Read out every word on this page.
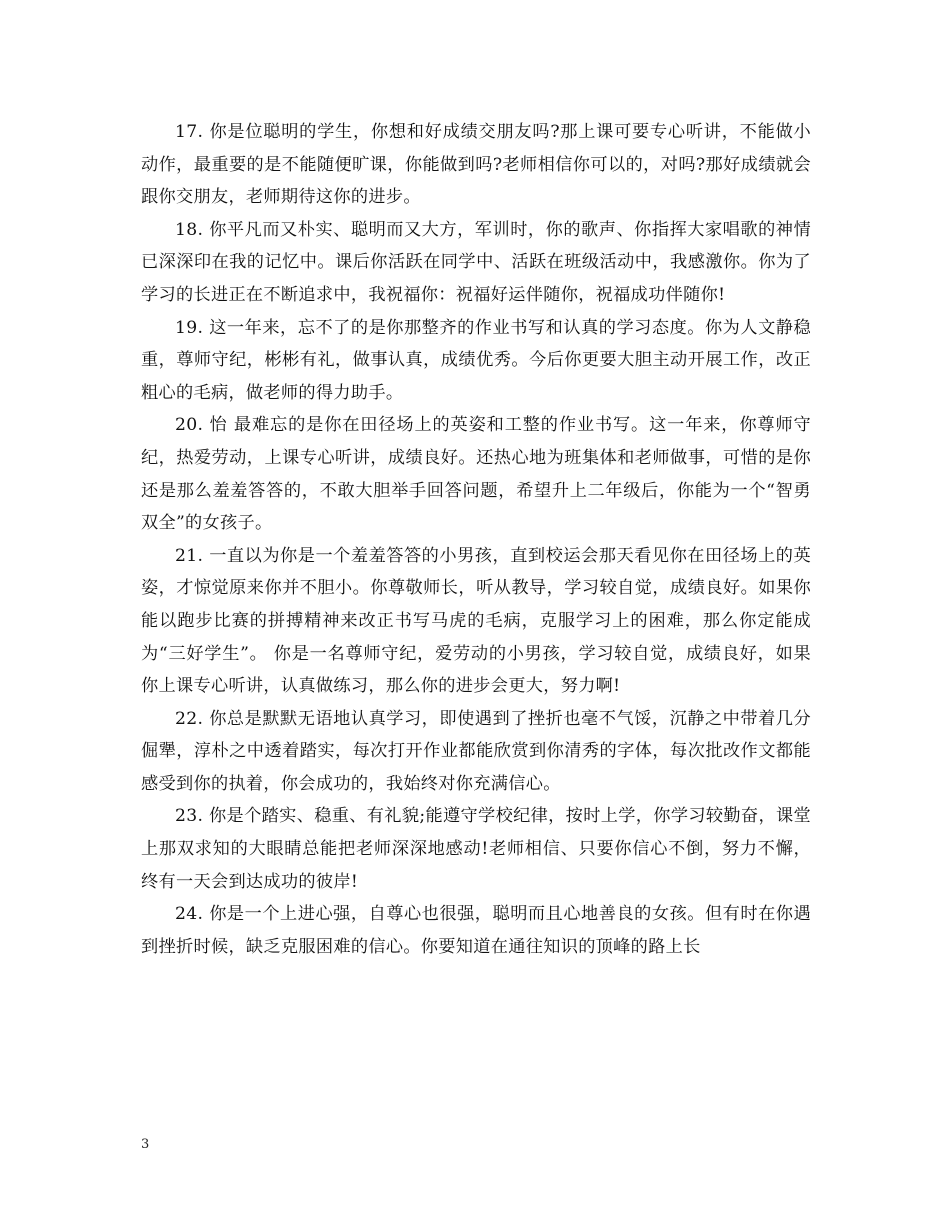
17. 你是位聪明的学生，你想和好成绩交朋友吗?那上课可要专心听讲，不能做小动作，最重要的是不能随便旷课，你能做到吗?老师相信你可以的，对吗?那好成绩就会跟你交朋友，老师期待这你的进步。

18. 你平凡而又朴实、聪明而又大方，军训时，你的歌声、你指挥大家唱歌的神情已深深印在我的记忆中。课后你活跃在同学中、活跃在班级活动中，我感激你。你为了学习的长进正在不断追求中，我祝福你：祝福好运伴随你，祝福成功伴随你!

19. 这一年来，忘不了的是你那整齐的作业书写和认真的学习态度。你为人文静稳重，尊师守纪，彬彬有礼，做事认真，成绩优秀。今后你更要大胆主动开展工作，改正粗心的毛病，做老师的得力助手。

20. 怡 最难忘的是你在田径场上的英姿和工整的作业书写。这一年来，你尊师守纪，热爱劳动，上课专心听讲，成绩良好。还热心地为班集体和老师做事，可惜的是你还是那么羞羞答答的，不敢大胆举手回答问题，希望升上二年级后，你能为一个“智勇双全”的女孩子。

21. 一直以为你是一个羞羞答答的小男孩，直到校运会那天看见你在田径场上的英姿，才惊觉原来你并不胆小。你尊敬师长，听从教导，学习较自觉，成绩良好。如果你能以跑步比赛的拼搏精神来改正书写马虎的毛病，克服学习上的困难，那么你定能成为“三好学生”。 你是一名尊师守纪，爱劳动的小男孩，学习较自觉，成绩良好，如果你上课专心听讲，认真做练习，那么你的进步会更大，努力啊!

22. 你总是默默无语地认真学习，即使遇到了挫折也毫不气馁，沉静之中带着几分倔犟，淳朴之中透着踏实，每次打开作业都能欣赏到你清秀的字体，每次批改作文都能感受到你的执着，你会成功的，我始终对你充满信心。

23. 你是个踏实、稳重、有礼貌;能遵守学校纪律，按时上学，你学习较勤奋，课堂上那双求知的大眼睛总能把老师深深地感动!老师相信、只要你信心不倒，努力不懈，终有一天会到达成功的彼岸!

24. 你是一个上进心强，自尊心也很强，聪明而且心地善良的女孩。但有时在你遇到挫折时候，缺乏克服困难的信心。你要知道在通往知识的顶峰的路上长

3
